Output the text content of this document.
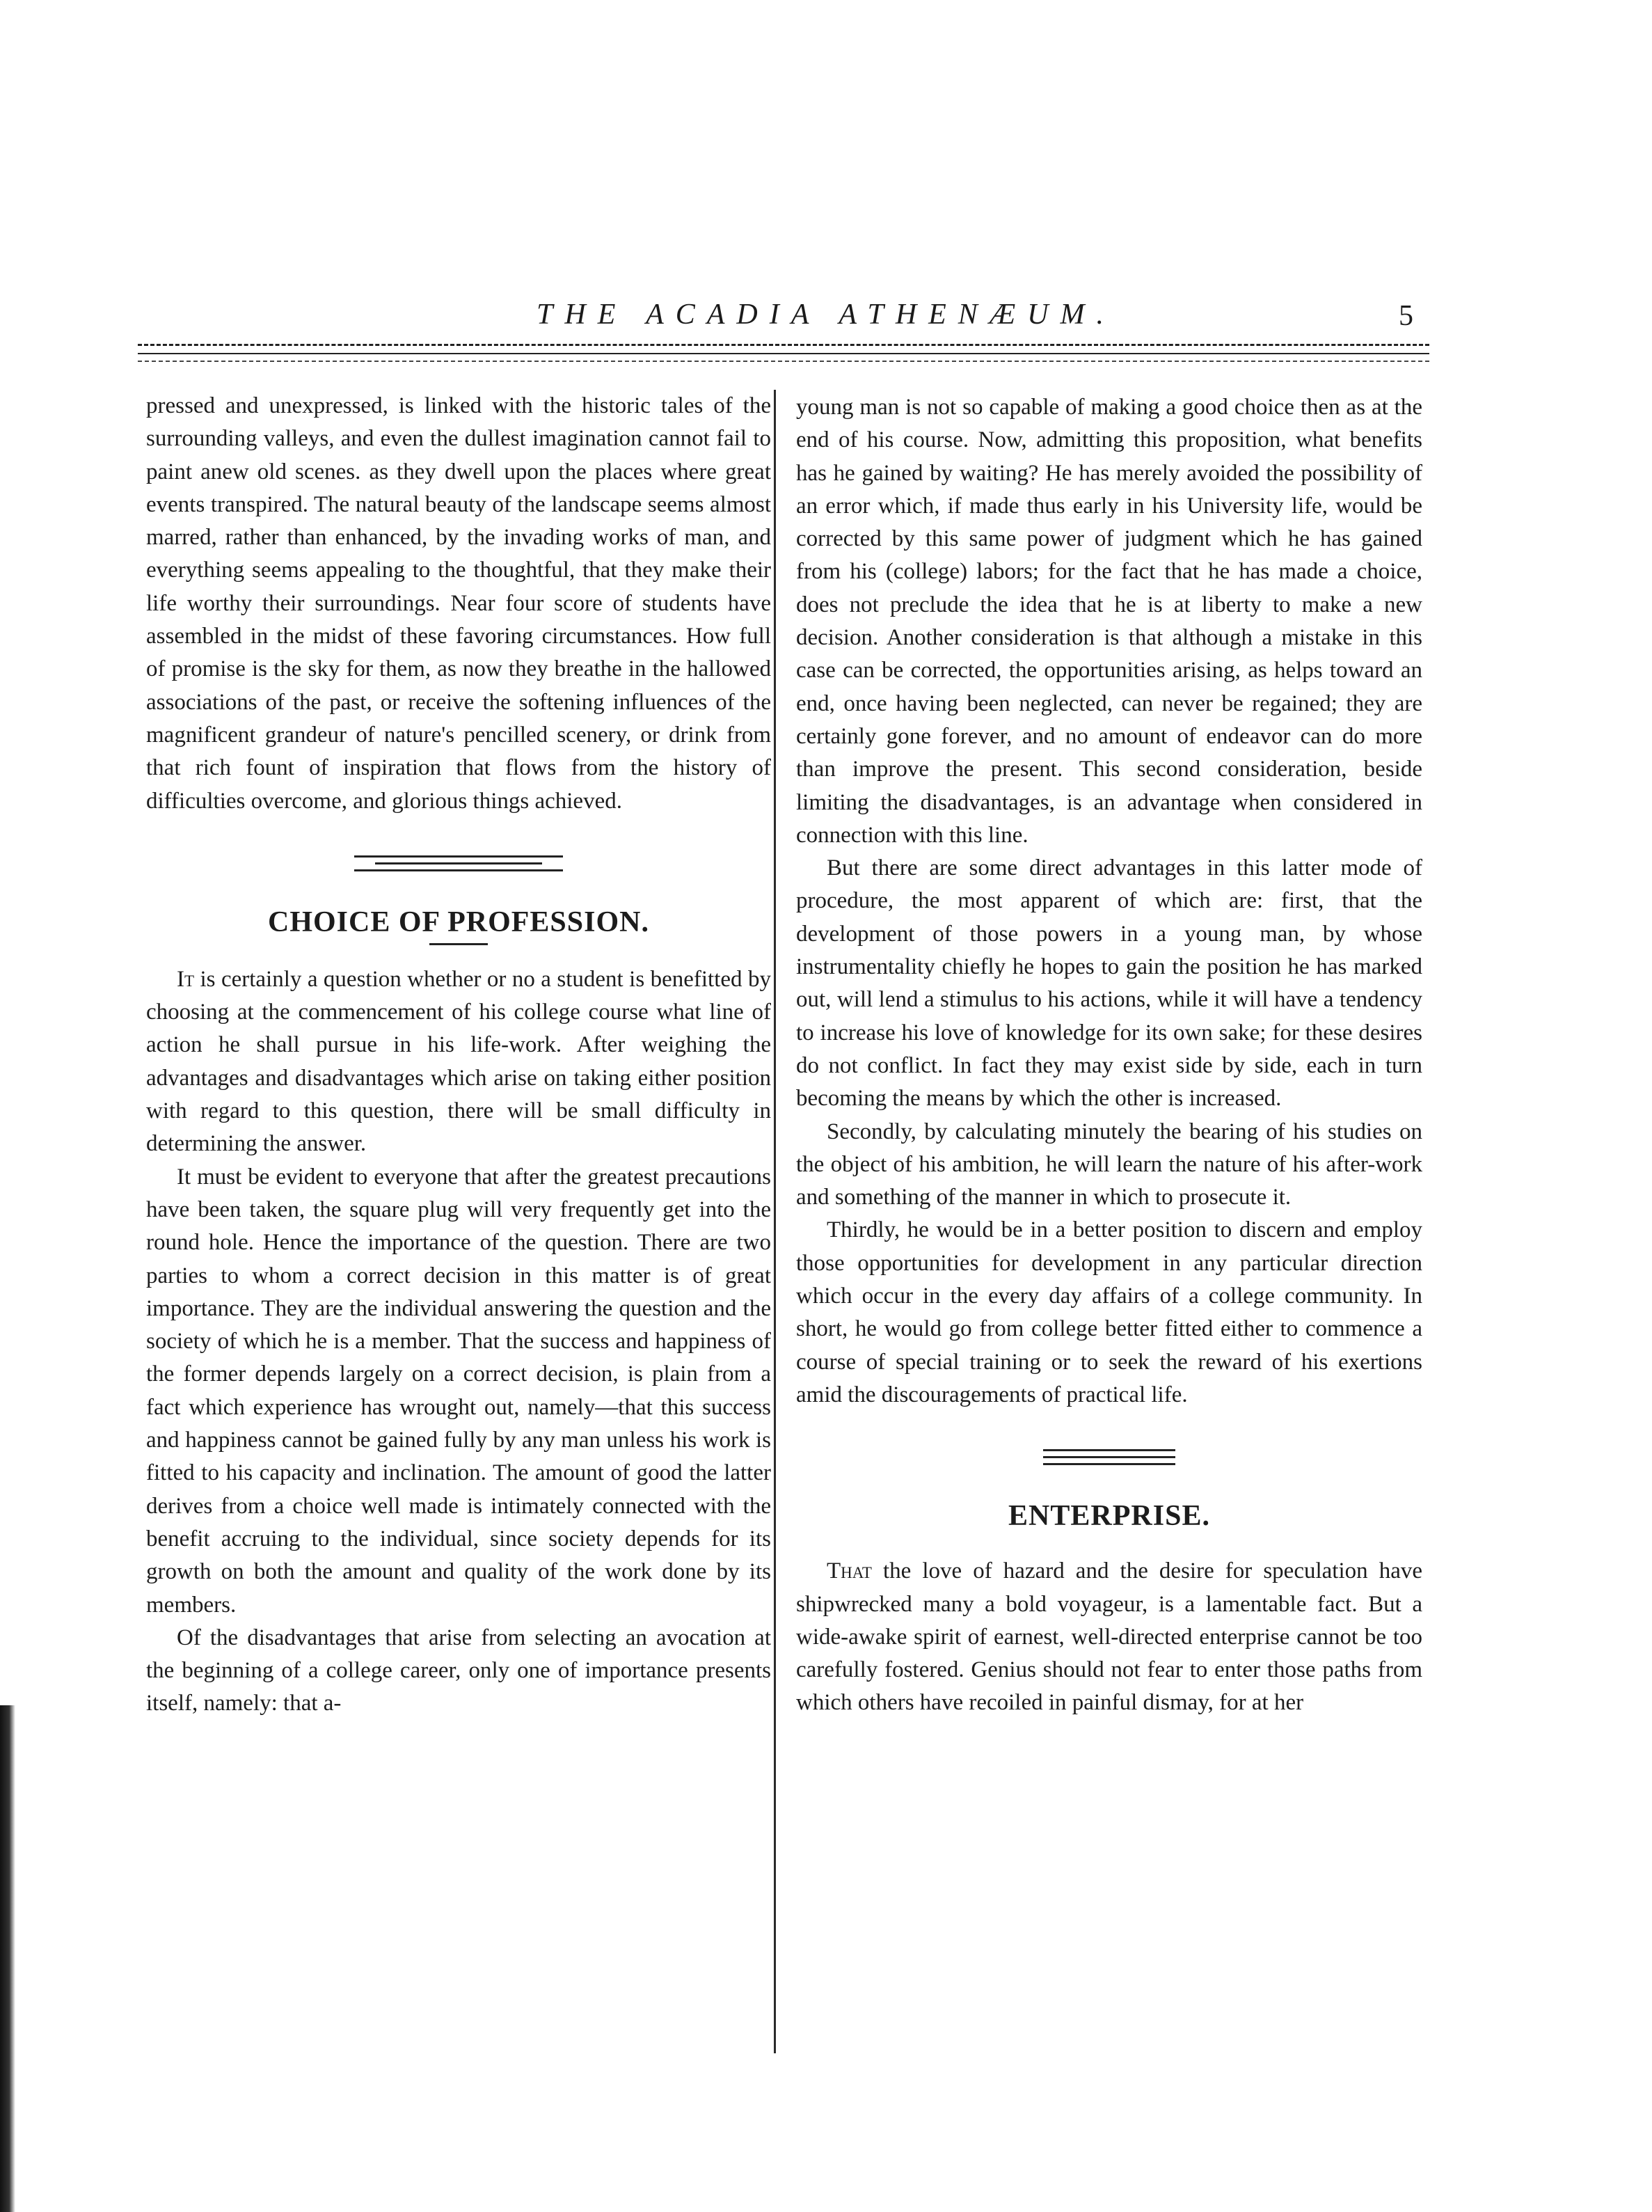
THE ACADIA ATHENÆUM.	5

pressed and unexpressed, is linked with the historic tales of the surrounding valleys, and even the dullest imagination cannot fail to paint anew old scenes. as they dwell upon the places where great events transpired. The natural beauty of the landscape seems almost marred, rather than enhanced, by the invading works of man, and everything seems appealing to the thoughtful, that they make their life worthy their surroundings. Near four score of students have assembled in the midst of these favoring circumstances. How full of promise is the sky for them, as now they breathe in the hallowed associations of the past, or receive the softening influences of the magnificent grandeur of nature's pencilled scenery, or drink from that rich fount of inspiration that flows from the history of difficulties overcome, and glorious things achieved.

CHOICE OF PROFESSION.

It is certainly a question whether or no a student is benefitted by choosing at the commencement of his college course what line of action he shall pursue in his life-work. After weighing the advantages and disadvantages which arise on taking either position with regard to this question, there will be small difficulty in determining the answer.

It must be evident to everyone that after the greatest precautions have been taken, the square plug will very frequently get into the round hole. Hence the importance of the question. There are two parties to whom a correct decision in this matter is of great importance. They are the individual answering the question and the society of which he is a member. That the success and happiness of the former depends largely on a correct decision, is plain from a fact which experience has wrought out, namely—that this success and happiness cannot be gained fully by any man unless his work is fitted to his capacity and inclination. The amount of good the latter derives from a choice well made is intimately connected with the benefit accruing to the individual, since society depends for its growth on both the amount and quality of the work done by its members.

Of the disadvantages that arise from selecting an avocation at the beginning of a college career, only one of importance presents itself, namely: that a-

young man is not so capable of making a good choice then as at the end of his course. Now, admitting this proposition, what benefits has he gained by waiting? He has merely avoided the possibility of an error which, if made thus early in his University life, would be corrected by this same power of judgment which he has gained from his (college) labors; for the fact that he has made a choice, does not preclude the idea that he is at liberty to make a new decision. Another consideration is that although a mistake in this case can be corrected, the opportunities arising, as helps toward an end, once having been neglected, can never be regained; they are certainly gone forever, and no amount of endeavor can do more than improve the present. This second consideration, beside limiting the disadvantages, is an advantage when considered in connection with this line.

But there are some direct advantages in this latter mode of procedure, the most apparent of which are: first, that the development of those powers in a young man, by whose instrumentality chiefly he hopes to gain the position he has marked out, will lend a stimulus to his actions, while it will have a tendency to increase his love of knowledge for its own sake; for these desires do not conflict. In fact they may exist side by side, each in turn becoming the means by which the other is increased.

Secondly, by calculating minutely the bearing of his studies on the object of his ambition, he will learn the nature of his after-work and something of the manner in which to prosecute it.

Thirdly, he would be in a better position to discern and employ those opportunities for development in any particular direction which occur in the every day affairs of a college community. In short, he would go from college better fitted either to commence a course of special training or to seek the reward of his exertions amid the discouragements of practical life.

ENTERPRISE.

That the love of hazard and the desire for speculation have shipwrecked many a bold voyageur, is a lamentable fact. But a wide-awake spirit of earnest, well-directed enterprise cannot be too carefully fostered. Genius should not fear to enter those paths from which others have recoiled in painful dismay, for at her
